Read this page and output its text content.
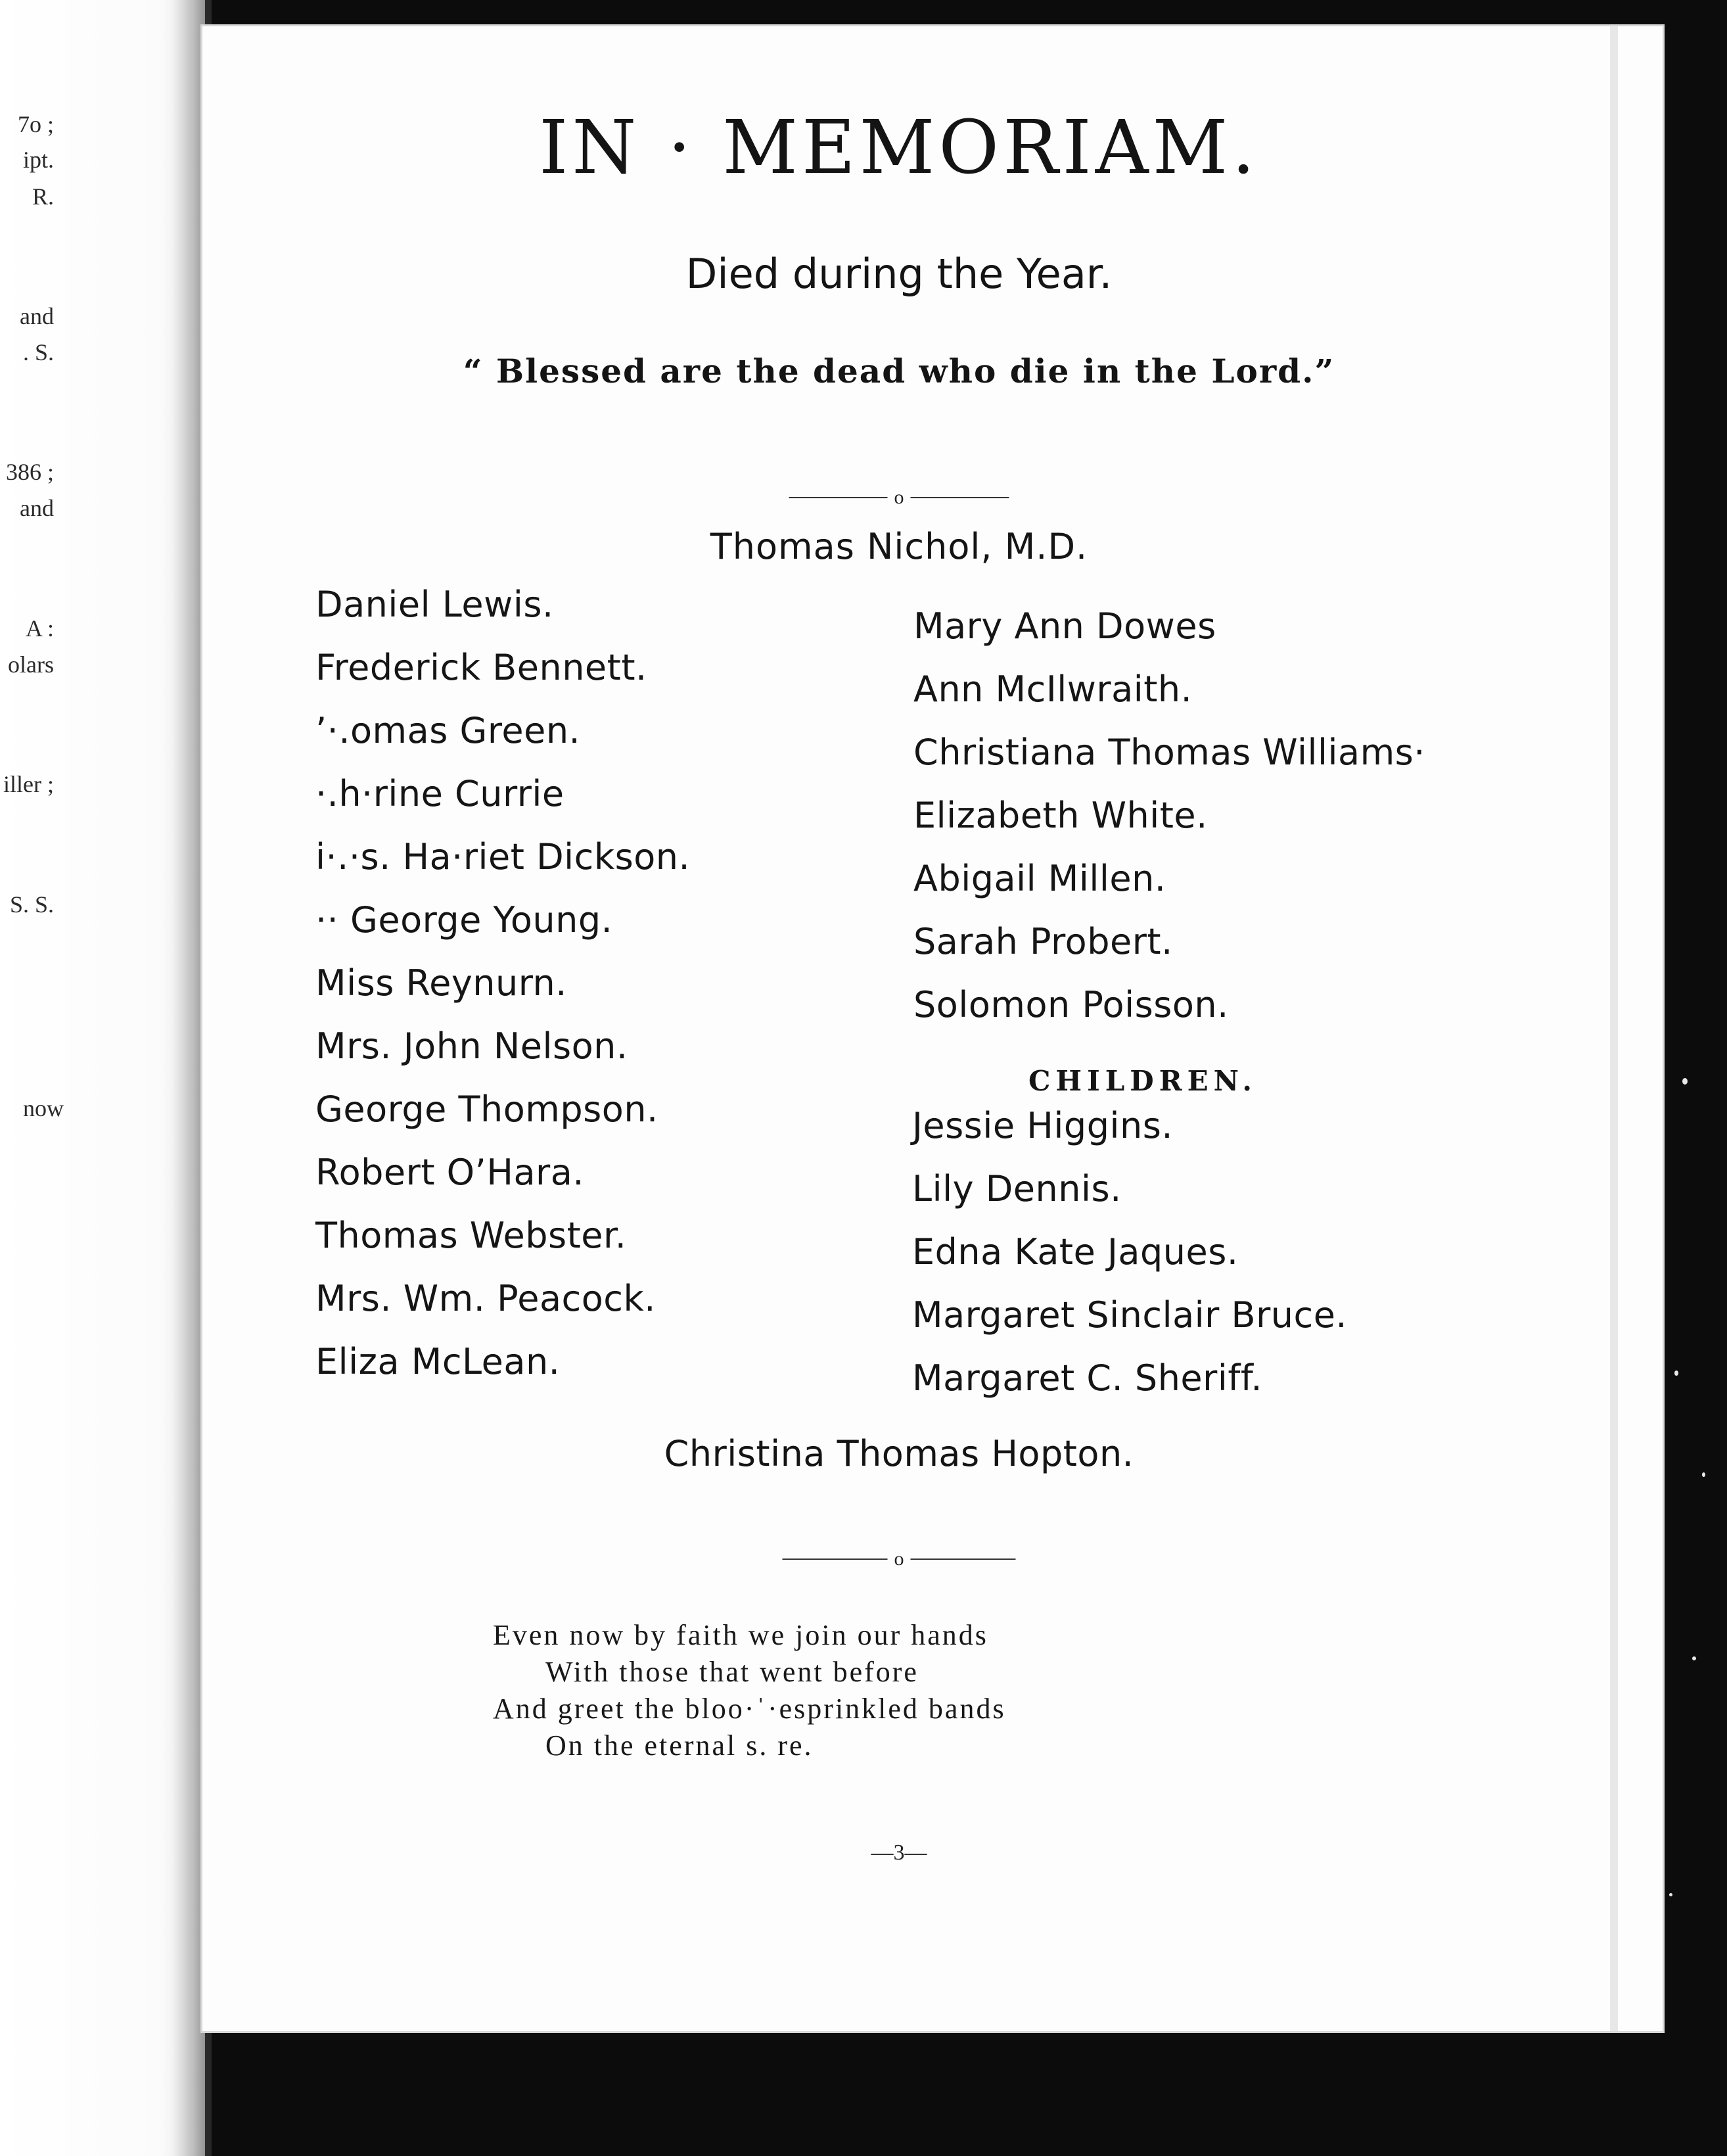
7o ;
ipt.
R.
and
. S.
386 ;
and
A :
olars
iller ;
S. S.
now
IN · MEMORIAM.
Died during the Year.
“ Blessed are the dead who die in the Lord.”
o
Thomas Nichol, M.D.
Daniel Lewis.
Frederick Bennett.
ʼ·.omas Green.
·​.h·rine Currie
i·.·s. Ha·riet Dickson.
·· George Young.
Miss Reynurn.
Mrs. John Nelson.
George Thompson.
Robert O’Hara.
Thomas Webster.
Mrs. Wm. Peacock.
Eliza McLean.
Mary Ann Dowes
Ann McIlwraith.
Christiana Thomas Williams·
Elizabeth White.
Abigail Millen.
Sarah Probert.
Solomon Poisson.
CHILDREN.
Jessie Higgins.
Lily Dennis.
Edna Kate Jaques.
Margaret Sinclair Bruce.
Margaret C. Sheriff.
Christina Thomas Hopton.
o
Even now by faith we join our hands
With those that went before
And greet the bloo·ˈ·esprinkled bands
On the eternal s. re.
—3—
